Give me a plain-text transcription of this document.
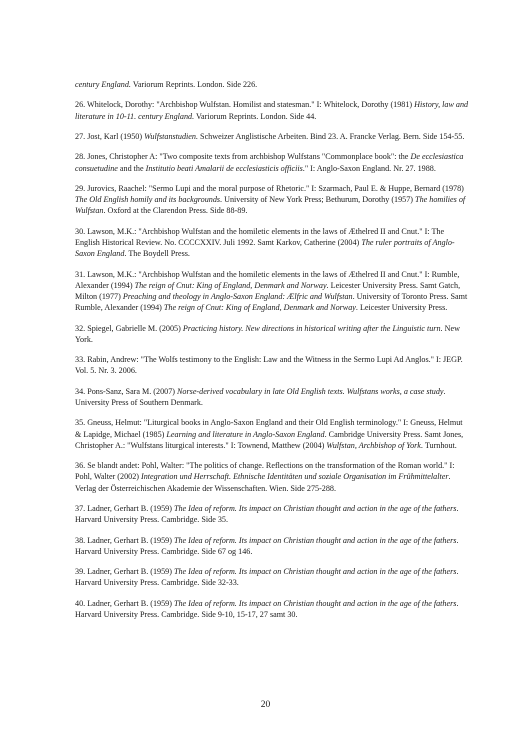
century England. Variorum Reprints. London. Side 226.

26. Whitelock, Dorothy: "Archbishop Wulfstan. Homilist and statesman." I: Whitelock, Dorothy (1981) History, law and literature in 10-11. century England. Variorum Reprints. London. Side 44.

27. Jost, Karl (1950) Wulfstanstudien. Schweizer Anglistische Arbeiten. Bind 23. A. Francke Verlag. Bern. Side 154-55.

28. Jones, Christopher A: "Two composite texts from archbishop Wulfstans "Commonplace book": the De ecclesiastica consuetudine and the Institutio beati Amalarii de ecclesiasticis officiis." I: Anglo-Saxon England. Nr. 27. 1988.

29. Jurovics, Raachel: "Sermo Lupi and the moral purpose of Rhetoric." I: Szarmach, Paul E. & Huppe, Bernard (1978) The Old English homily and its backgrounds. University of New York Press; Bethurum, Dorothy (1957) The homilies of Wulfstan. Oxford at the Clarendon Press. Side 88-89.

30. Lawson, M.K.: "Archbishop Wulfstan and the homiletic elements in the laws of Æthelred II and Cnut." I: The English Historical Review. No. CCCCXXIV. Juli 1992. Samt Karkov, Catherine (2004) The ruler portraits of Anglo-Saxon England. The Boydell Press.

31. Lawson, M.K.: "Archbishop Wulfstan and the homiletic elements in the laws of Æthelred II and Cnut." I: Rumble, Alexander (1994) The reign of Cnut: King of England, Denmark and Norway. Leicester University Press. Samt Gatch, Milton (1977) Preaching and theology in Anglo-Saxon England: Ælfric and Wulfstan. University of Toronto Press. Samt Rumble, Alexander (1994) The reign of Cnut: King of England, Denmark and Norway. Leicester University Press.

32. Spiegel, Gabrielle M. (2005) Practicing history. New directions in historical writing after the Linguistic turn. New York.

33. Rabin, Andrew: "The Wolfs testimony to the English: Law and the Witness in the Sermo Lupi Ad Anglos." I: JEGP. Vol. 5. Nr. 3. 2006.

34. Pons-Sanz, Sara M. (2007) Norse-derived vocabulary in late Old English texts. Wulfstans works, a case study. University Press of Southern Denmark.

35. Gneuss, Helmut: "Liturgical books in Anglo-Saxon England and their Old English terminology." I: Gneuss, Helmut & Lapidge, Michael (1985) Learning and literature in Anglo-Saxon England. Cambridge University Press. Samt Jones, Christopher A.: "Wulfstans liturgical interests." I: Townend, Matthew (2004) Wulfstan, Archbishop of York. Turnhout.

36. Se blandt andet: Pohl, Walter: "The politics of change. Reflections on the transformation of the Roman world." I: Pohl, Walter (2002) Integration und Herrschaft. Ethnische Identitäten und soziale Organisation im Frühmittelalter. Verlag der Österreichischen Akademie der Wissenschaften. Wien. Side 275-288.

37. Ladner, Gerhart B. (1959) The Idea of reform. Its impact on Christian thought and action in the age of the fathers. Harvard University Press. Cambridge. Side 35.

38. Ladner, Gerhart B. (1959) The Idea of reform. Its impact on Christian thought and action in the age of the fathers. Harvard University Press. Cambridge. Side 67 og 146.

39. Ladner, Gerhart B. (1959) The Idea of reform. Its impact on Christian thought and action in the age of the fathers. Harvard University Press. Cambridge. Side 32-33.

40. Ladner, Gerhart B. (1959) The Idea of reform. Its impact on Christian thought and action in the age of the fathers. Harvard University Press. Cambridge. Side 9-10, 15-17, 27 samt 30.

20
